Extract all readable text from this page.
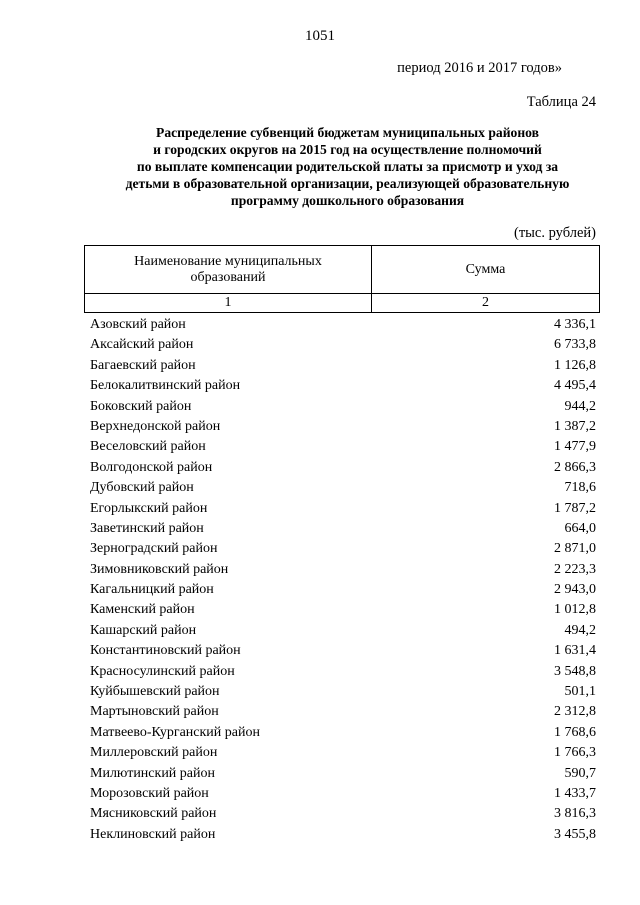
1051
период 2016 и 2017 годов»
Таблица 24
Распределение субвенций бюджетам муниципальных районов
и городских округов на 2015 год на осуществление полномочий
по выплате компенсации родительской платы за присмотр и уход за
детьми в образовательной организации, реализующей образовательную
программу дошкольного образования
(тыс. рублей)
Наименование муниципальных
образований	Сумма
1	2
Азовский район	4 336,1
Аксайский район	6 733,8
Багаевский район	1 126,8
Белокалитвинский район	4 495,4
Боковский район	944,2
Верхнедонской район	1 387,2
Веселовский район	1 477,9
Волгодонской район	2 866,3
Дубовский район	718,6
Егорлыкский район	1 787,2
Заветинский район	664,0
Зерноградский район	2 871,0
Зимовниковский район	2 223,3
Кагальницкий район	2 943,0
Каменский район	1 012,8
Кашарский район	494,2
Константиновский район	1 631,4
Красносулинский район	3 548,8
Куйбышевский район	501,1
Мартыновский район	2 312,8
Матвеево-Курганский район	1 768,6
Миллеровский район	1 766,3
Милютинский район	590,7
Морозовский район	1 433,7
Мясниковский район	3 816,3
Неклиновский район	3 455,8
